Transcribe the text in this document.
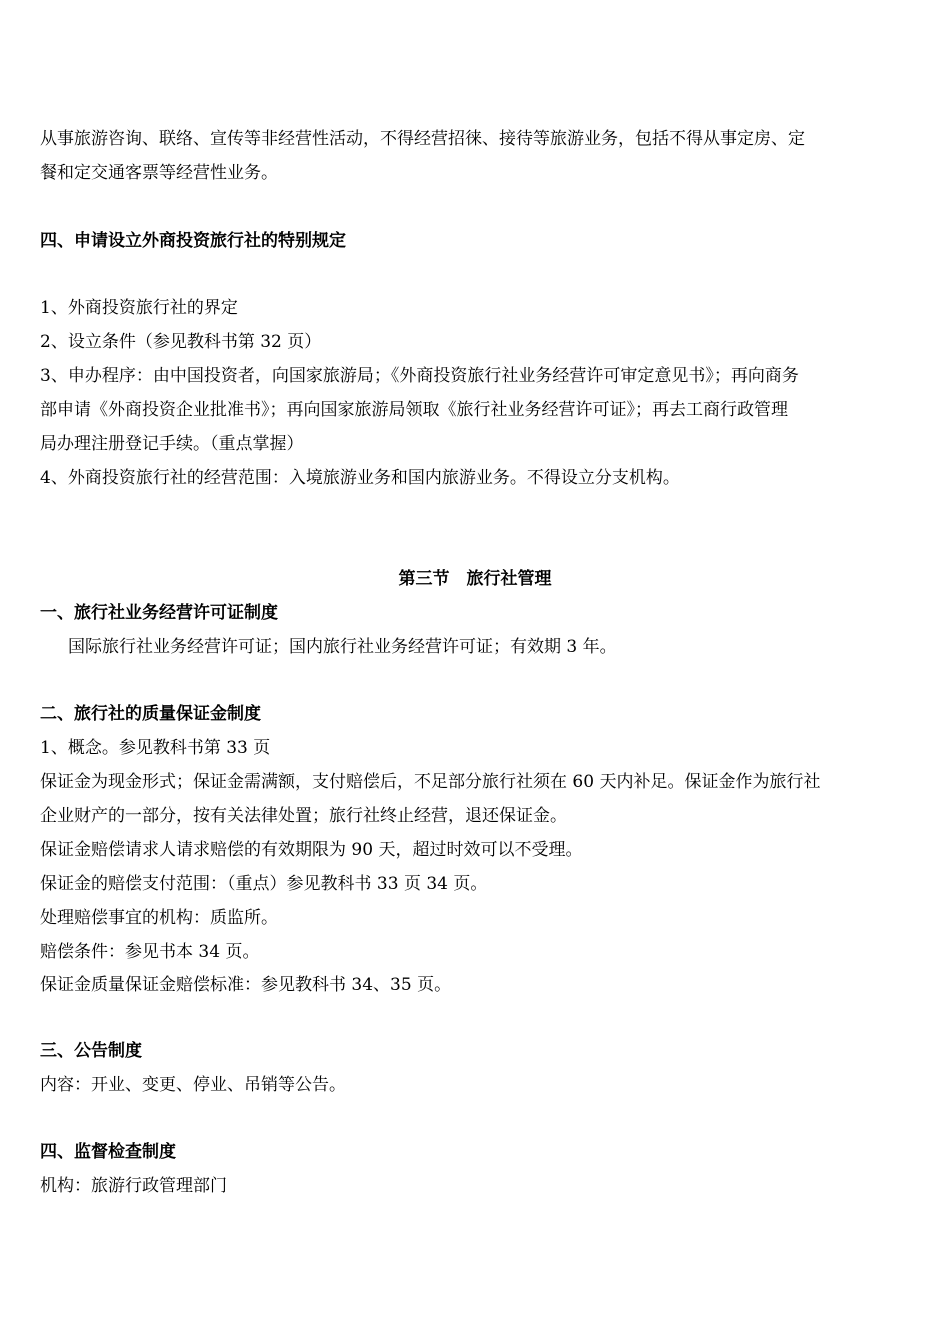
从事旅游咨询、联络、宣传等非经营性活动，不得经营招徕、接待等旅游业务，包括不得从事定房、定
餐和定交通客票等经营性业务。
四、申请设立外商投资旅行社的特别规定
1、外商投资旅行社的界定
2、设立条件（参见教科书第 32 页）
3、申办程序：由中国投资者，向国家旅游局；《外商投资旅行社业务经营许可审定意见书》；再向商务
部申请《外商投资企业批准书》；再向国家旅游局领取《旅行社业务经营许可证》；再去工商行政管理
局办理注册登记手续。（重点掌握）
4、外商投资旅行社的经营范围：入境旅游业务和国内旅游业务。不得设立分支机构。
第三节　旅行社管理
一、旅行社业务经营许可证制度
国际旅行社业务经营许可证；国内旅行社业务经营许可证；有效期 3 年。
二、旅行社的质量保证金制度
1、概念。参见教科书第 33 页
保证金为现金形式；保证金需满额，支付赔偿后，不足部分旅行社须在 60 天内补足。保证金作为旅行社
企业财产的一部分，按有关法律处置；旅行社终止经营，退还保证金。
保证金赔偿请求人请求赔偿的有效期限为 90 天，超过时效可以不受理。
保证金的赔偿支付范围：（重点）参见教科书 33 页 34 页。
处理赔偿事宜的机构：质监所。
赔偿条件：参见书本 34 页。
保证金质量保证金赔偿标准：参见教科书 34、35 页。
三、公告制度
内容：开业、变更、停业、吊销等公告。
四、监督检查制度
机构：旅游行政管理部门
